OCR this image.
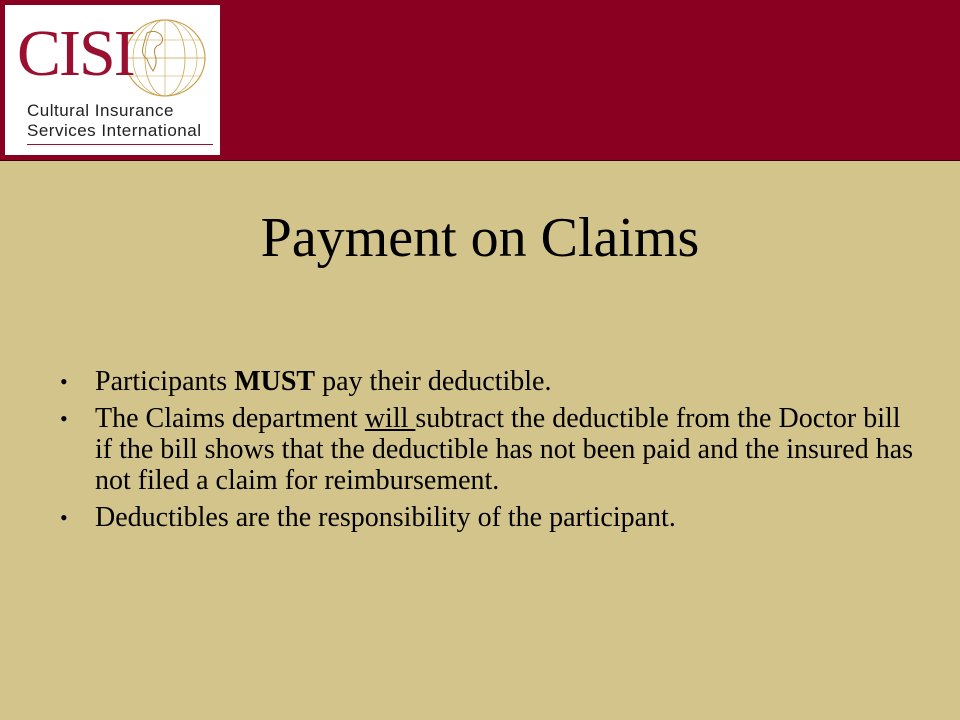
CISI
Cultural Insurance
Services International
Payment on Claims
• Participants MUST pay their deductible.
• The Claims department will subtract the deductible from the Doctor bill if the bill shows that the deductible has not been paid and the insured has not filed a claim for reimbursement.
• Deductibles are the responsibility of the participant.
